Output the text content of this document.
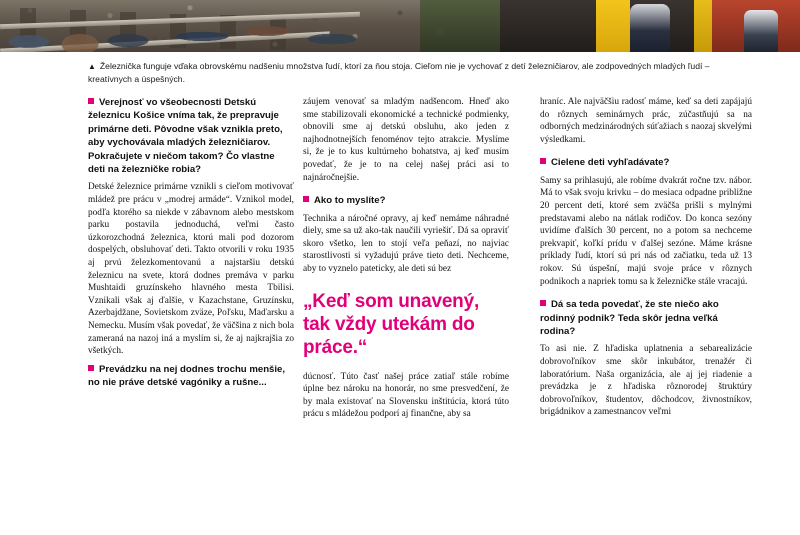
▲ Železnička funguje vďaka obrovskému nadšeniu množstva ľudí, ktorí za ňou stoja. Cieľom nie je vychovať z detí železničiarov, ale zodpovedných mladých ľudí – kreatívnych a úspešných.

Verejnosť vo všeobecnosti Detskú železnicu Košice vníma tak, že prepravuje primárne deti. Pôvodne však vznikla preto, aby vychovávala mladých železničiarov. Pokračujete v niečom takom? Čo vlastne deti na železničke robia?

Detské železnice primárne vznikli s cieľom motivovať mládež pre prácu v „modrej armáde“. Vznikol model, podľa ktorého sa niekde v zábavnom alebo mestskom parku postavila jednoduchá, veľmi často úzkorozchodná železnica, ktorú mali pod dozorom dospelých, obsluhovať deti. Takto otvorili v roku 1935 aj prvú železkomentovanú a najstaršiu detskú železnicu na svete, ktorá dodnes premáva v parku Mushtaidi gruzínskeho hlavného mesta Tbilisi. Vznikali však aj ďalšie, v Kazachstane, Gruzínsku, Azerbajdžane, Sovietskom zväze, Poľsku, Maďarsku a Nemecku. Musím však povedať, že väčšina z nich bola zameraná na nazoj iná a myslím si, že aj najkrajšia zo všetkých.

Prevádzku na nej dodnes trochu menšie, no nie práve detské vagóniky a rušne...

záujem venovať sa mladým nadšencom. Hneď ako sme stabilizovali ekonomické a technické podmienky, obnovili sme aj detskú obsluhu, ako jeden z najhodnotnejších fenoménov tejto atrakcie. Myslíme si, že je to kus kultúrneho bohatstva, aj keď musím povedať, že je to na celej našej práci asi to najnáročnejšie.

Ako to myslíte?

Technika a náročné opravy, aj keď nemáme náhradné diely, sme sa už ako-tak naučili vyriešiť. Dá sa opraviť skoro všetko, len to stojí veľa peňazí, no najviac starostlivosti si vyžadujú práve tieto deti. Nechceme, aby to vyznelo pateticky, ale deti sú bez

„Keď som unavený, tak vždy utekám do práce.“

dúcnosť. Túto časť našej práce zatiaľ stále robíme úplne bez nároku na honorár, no sme presvedčení, že by mala existovať na Slovensku inštitúcia, ktorá túto prácu s mládežou podporí aj finančne, aby sa

hraníc. Ale najväčšiu radosť máme, keď sa deti zapájajú do rôznych seminárnych prác, zúčastňujú sa na odborných medzinárodných súťažiach s naozaj skvelými výsledkami.

Cielene deti vyhľadávate?

Samy sa prihlasujú, ale robíme dvakrát ročne tzv. nábor. Má to však svoju krivku – do mesiaca odpadne približne 20 percent detí, ktoré sem zväčša prišli s mylnými predstavami alebo na nátlak rodičov. Do konca sezóny uvidíme ďalších 30 percent, no a potom sa nechceme prekvapiť, koľkí prídu v ďalšej sezóne. Máme krásne príklady ľudí, ktorí sú pri nás od začiatku, teda už 13 rokov. Sú úspešní, majú svoje práce v rôznych podnikoch a napriek tomu sa k železničke stále vracajú.

Dá sa teda povedať, že ste niečo ako rodinný podnik? Teda skôr jedna veľká rodina?

To asi nie. Z hľadiska uplatnenia a sebarealizácie dobrovoľníkov sme skôr inkubátor, trenažér či laboratórium. Naša organizácia, ale aj jej riadenie a prevádzka je z hľadiska rôznorodej štruktúry dobrovoľníkov, študentov, dôchodcov, živnostníkov, brigádnikov a zamestnancov veľmi
